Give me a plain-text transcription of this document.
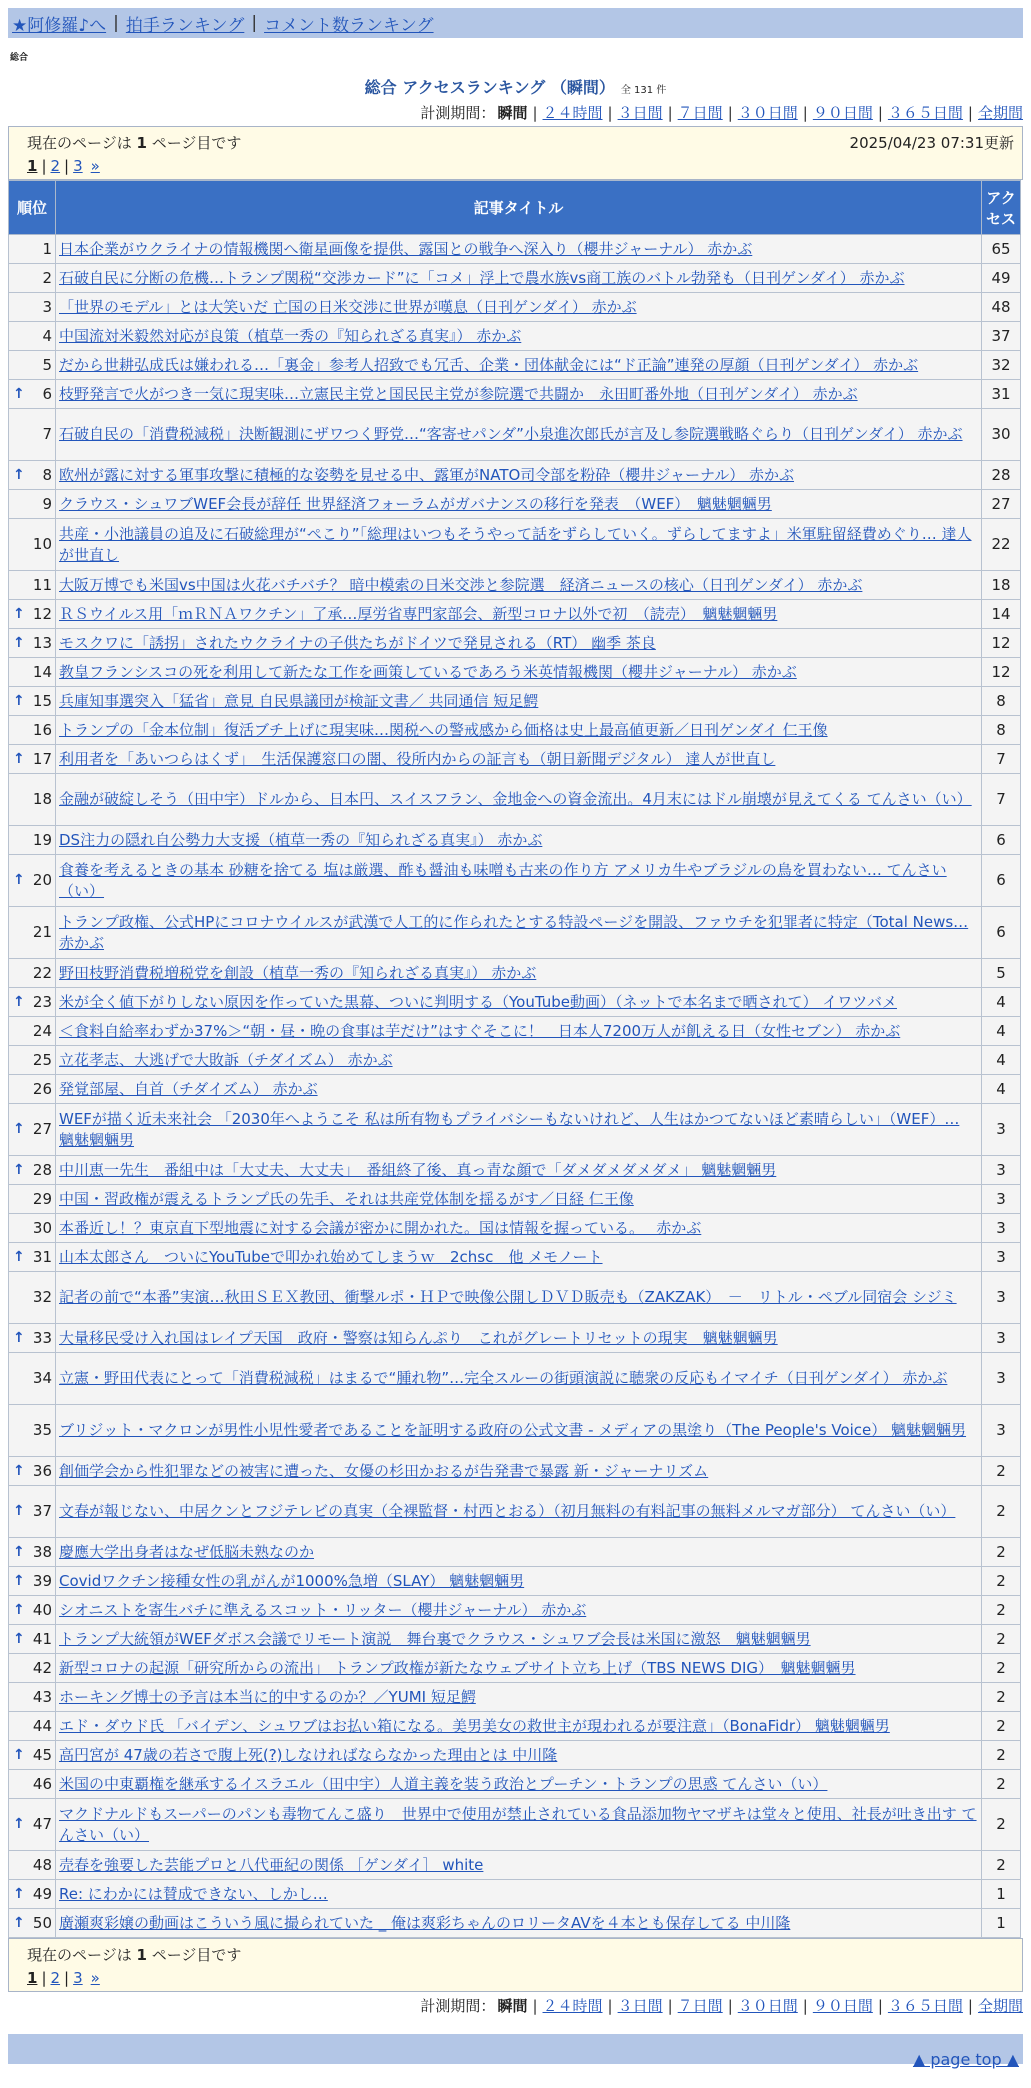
★阿修羅♪へ | 拍手ランキング | コメント数ランキング
総合
総合 アクセスランキング （瞬間） 全 131 件
計測期間： 瞬間 | ２４時間 | ３日間 | ７日間 | ３０日間 | ９０日間 | ３６５日間 | 全期間
現在のページは 1 ページ目です	2025/04/23 07:31更新
1 | 2 | 3 »
順位	記事タイトル	アクセス
1	日本企業がウクライナの情報機関へ衛星画像を提供、露国との戦争へ深入り（櫻井ジャーナル） 赤かぶ	65
2	石破自民に分断の危機…トランプ関税“交渉カード”に「コメ」浮上で農水族vs商工族のバトル勃発も（日刊ゲンダイ） 赤かぶ	49
3	「世界のモデル」とは大笑いだ 亡国の日米交渉に世界が嘆息（日刊ゲンダイ） 赤かぶ	48
4	中国流対米毅然対応が良策（植草一秀の『知られざる真実』） 赤かぶ	37
5	だから世耕弘成氏は嫌われる…「裏金」参考人招致でも冗舌、企業・団体献金には“ド正論”連発の厚顔（日刊ゲンダイ） 赤かぶ	32

↑ 6	枝野発言で火がつき一気に現実味…立憲民主党と国民民主党が参院選で共闘か　永田町番外地（日刊ゲンダイ） 赤かぶ	31
7	石破自民の「消費税減税」決断観測にザワつく野党…“客寄せパンダ”小泉進次郎氏が言及し参院選戦略ぐらり（日刊ゲンダイ） 赤かぶ	30

↑ 8	欧州が露に対する軍事攻撃に積極的な姿勢を見せる中、露軍がNATO司令部を粉砕（櫻井ジャーナル） 赤かぶ	28
9	クラウス・シュワブWEF会長が辞任 世界経済フォーラムがガバナンスの移行を発表　（WEF）　魑魅魍魎男	27
10	共産・小池議員の追及に石破総理が“ぺこり”「総理はいつもそうやって話をずらしていく。ずらしてますよ」米軍駐留経費めぐり… 達人が世直し	22
11	大阪万博でも米国vs中国は火花バチバチ？ 暗中模索の日米交渉と参院選　経済ニュースの核心（日刊ゲンダイ） 赤かぶ	18

↑ 12	ＲＳウイルス用「ｍＲＮＡワクチン」了承…厚労省専門家部会、新型コロナ以外で初　（読売）　魑魅魍魎男	14

↑ 13	モスクワに「誘拐」されたウクライナの子供たちがドイツで発見される（RT） 幽季 茶良	12
14	教皇フランシスコの死を利用して新たな工作を画策しているであろう米英情報機関（櫻井ジャーナル） 赤かぶ	12

↑ 15	兵庫知事選突入「猛省」意見 自民県議団が検証文書／ 共同通信 短足鰐	8
16	トランプの「金本位制」復活ブチ上げに現実味…関税への警戒感から価格は史上最高値更新／日刊ゲンダイ 仁王像	8

↑ 17	利用者を「あいつらはくず」　生活保護窓口の闇、役所内からの証言も（朝日新聞デジタル） 達人が世直し	7
18	金融が破綻しそう（田中宇）ドルから、日本円、スイスフラン、金地金への資金流出。4月末にはドル崩壊が見えてくる てんさい（い）	7
19	DS注力の隠れ自公勢力大支援（植草一秀の『知られざる真実』） 赤かぶ	6

↑ 20	食養を考えるときの基本 砂糖を捨てる 塩は厳選、酢も醤油も味噌も古来の作り方 アメリカ牛やブラジルの鳥を買わない… てんさい（い）	6
21	トランプ政権、公式HPにコロナウイルスが武漢で人工的に作られたとする特設ページを開設、ファウチを犯罪者に特定（Total News… 赤かぶ	6
22	野田枝野消費税増税党を創設（植草一秀の『知られざる真実』） 赤かぶ	5

↑ 23	米が全く値下がりしない原因を作っていた黒幕、ついに判明する（YouTube動画）（ネットで本名まで晒されて） イワツバメ	4
24	＜食料自給率わずか37%＞“朝・昼・晩の食事は芋だけ”はすぐそこに！　日本人7200万人が飢える日（女性セブン） 赤かぶ	4
25	立花孝志、大逃げで大敗訴（チダイズム） 赤かぶ	4
26	発覚部屋、自首（チダイズム） 赤かぶ	4

↑ 27	WEFが描く近未来社会 「2030年へようこそ 私は所有物もプライバシーもないけれど、人生はかつてないほど素晴らしい」（WEF）… 魑魅魍魎男	3

↑ 28	中川恵一先生　番組中は「大丈夫、大丈夫」　番組終了後、真っ青な顔で「ダメダメダメダメ」 魑魅魍魎男	3
29	中国・習政権が震えるトランプ氏の先手、それは共産党体制を揺るがす／日経 仁王像	3
30	本番近し！？東京直下型地震に対する会議が密かに開かれた。国は情報を握っている。　 赤かぶ	3

↑ 31	山本太郎さん　ついにYouTubeで叩かれ始めてしまうｗ　2chsc　他 メモノート	3
32	記者の前で“本番”実演…秋田ＳＥＸ教団、衝撃ルポ・ＨＰで映像公開しＤＶＤ販売も（ZAKZAK）　－　リトル・ペブル同宿会 シジミ	3

↑ 33	大量移民受け入れ国はレイプ天国　政府・警察は知らんぷり　これがグレートリセットの現実　魑魅魍魎男	3
34	立憲・野田代表にとって「消費税減税」はまるで“腫れ物”…完全スルーの街頭演説に聴衆の反応もイマイチ（日刊ゲンダイ） 赤かぶ	3
35	ブリジット・マクロンが男性小児性愛者であることを証明する政府の公式文書 - メディアの黒塗り（The People's Voice） 魑魅魍魎男	3

↑ 36	創価学会から性犯罪などの被害に遭った、女優の杉田かおるが告発書で暴露 新・ジャーナリズム	2

↑ 37	文春が報じない、中居クンとフジテレビの真実（全裸監督・村西とおる）（初月無料の有料記事の無料メルマガ部分） てんさい（い）	2

↑ 38	慶應大学出身者はなぜ低脳未熟なのか	2

↑ 39	Covidワクチン接種女性の乳がんが1000%急増（SLAY） 魑魅魍魎男	2

↑ 40	シオニストを寄生バチに準えるスコット・リッター（櫻井ジャーナル） 赤かぶ	2

↑ 41	トランプ大統領がWEFダボス会議でリモート演説　舞台裏でクラウス・シュワブ会長は米国に激怒　魑魅魍魎男	2
42	新型コロナの起源「研究所からの流出」 トランプ政権が新たなウェブサイト立ち上げ（TBS NEWS DIG）　魑魅魍魎男	2
43	ホーキング博士の予言は本当に的中するのか？／YUMI 短足鰐	2
44	エド・ダウド氏 「バイデン、シュワブはお払い箱になる。美男美女の救世主が現われるが要注意」（BonaFidr） 魑魅魍魎男	2

↑ 45	高円宮が 47歳の若さで腹上死(?)しなければならなかった理由とは 中川隆	2
46	米国の中東覇権を継承するイスラエル（田中宇）人道主義を装う政治とプーチン・トランプの思惑 てんさい（い）	2

↑ 47	マクドナルドもスーパーのパンも毒物てんこ盛り　世界中で使用が禁止されている食品添加物ヤマザキは堂々と使用、社長が吐き出す てんさい（い）	2
48	売春を強要した芸能プロと八代亜紀の関係 ［ゲンダイ］ white	2

↑ 49	Re: にわかには賛成できない、しかし…	1

↑ 50	廣瀬爽彩嬢の動画はこういう風に撮られていた _ 俺は爽彩ちゃんのロリータAVを４本とも保存してる 中川隆	1
現在のページは 1 ページ目です
1 | 2 | 3 »
計測期間： 瞬間 | ２４時間 | ３日間 | ７日間 | ３０日間 | ９０日間 | ３６５日間 | 全期間
▲ page top ▲
